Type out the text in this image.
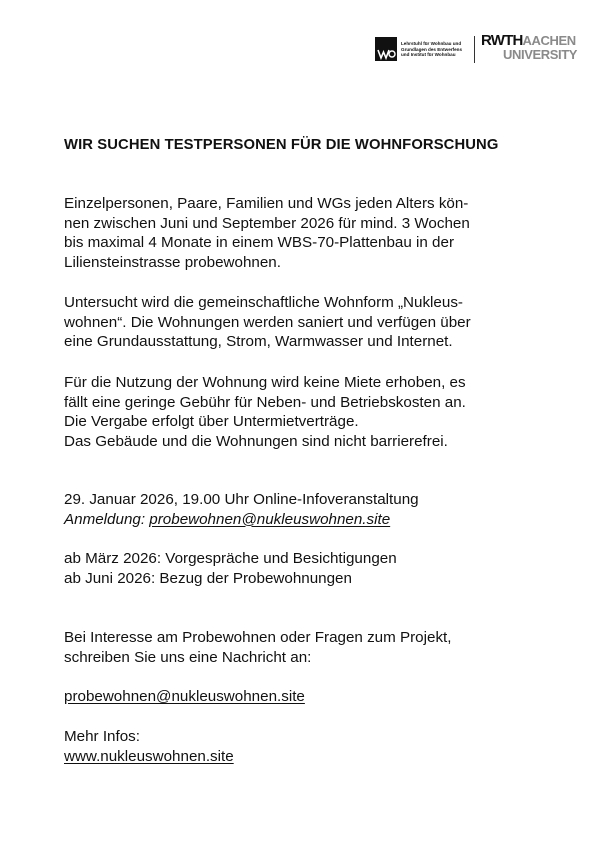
Lehrstuhl für Wohnbau und
Grundlagen des Entwerfens
und Institut für Wohnbau
RWTHAACHEN
UNIVERSITY
WIR SUCHEN TESTPERSONEN FÜR DIE WOHNFORSCHUNG
Einzelpersonen, Paare, Familien und WGs jeden Alters kön-
nen zwischen Juni und September 2026 für mind. 3 Wochen
bis maximal 4 Monate in einem WBS-70-Plattenbau in der
Liliensteinstrasse probewohnen.
Untersucht wird die gemeinschaftliche Wohnform „Nukleus-
wohnen“. Die Wohnungen werden saniert und verfügen über
eine Grundausstattung, Strom, Warmwasser und Internet.
Für die Nutzung der Wohnung wird keine Miete erhoben, es
fällt eine geringe Gebühr für Neben- und Betriebskosten an.
Die Vergabe erfolgt über Untermietverträge.
Das Gebäude und die Wohnungen sind nicht barrierefrei.
29. Januar 2026, 19.00 Uhr Online-Infoveranstaltung
Anmeldung: probewohnen@nukleuswohnen.site
ab März 2026: Vorgespräche und Besichtigungen
ab Juni 2026: Bezug der Probewohnungen
Bei Interesse am Probewohnen oder Fragen zum Projekt,
schreiben Sie uns eine Nachricht an:
probewohnen@nukleuswohnen.site
Mehr Infos:
www.nukleuswohnen.site
